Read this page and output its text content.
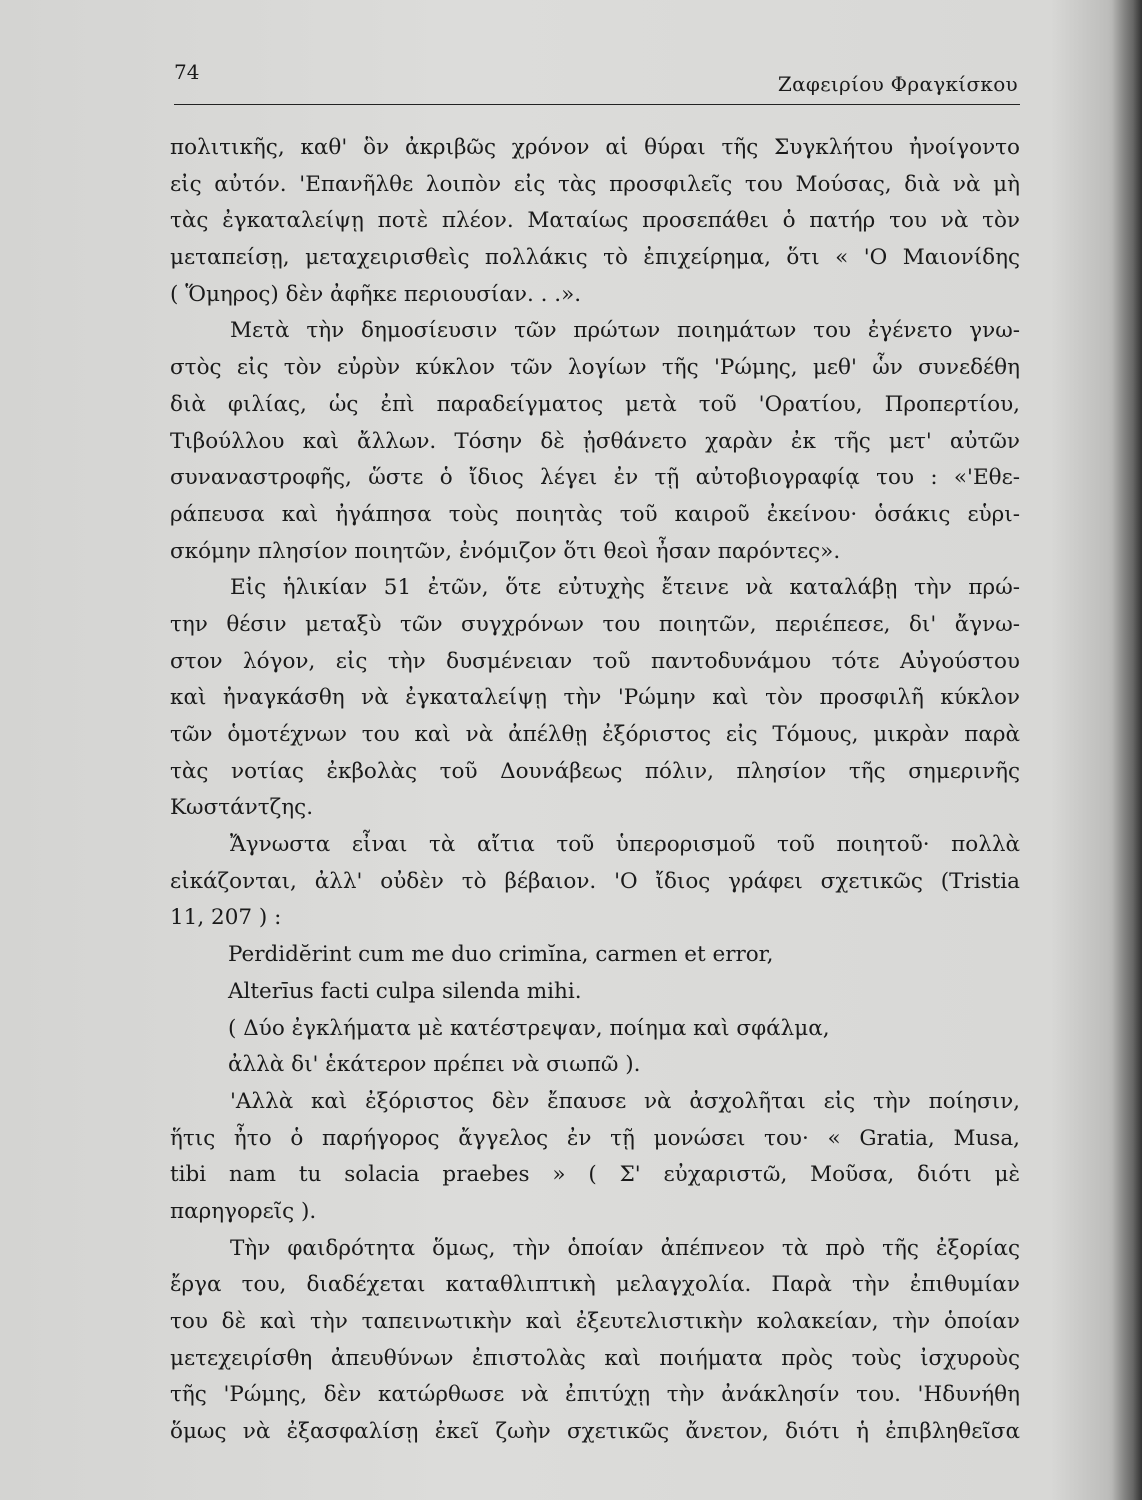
74	Ζαφειρίου Φραγκίσκου
πολιτικῆς, καθ' ὃν ἀκριβῶς χρόνον αἱ θύραι τῆς Συγκλήτου ἠνοίγοντο
εἰς αὐτόν. 'Επανῆλθε λοιπὸν εἰς τὰς προσφιλεῖς του Μούσας, διὰ νὰ μὴ
τὰς ἐγκαταλείψῃ ποτὲ πλέον. Ματαίως προσεπάθει ὁ πατήρ του νὰ τὸν
μεταπείσῃ, μεταχειρισθεὶς πολλάκις τὸ ἐπιχείρημα, ὅτι « 'Ο Μαιονίδης
( Ὅμηρος) δὲν ἀφῆκε περιουσίαν. . .».
Μετὰ τὴν δημοσίευσιν τῶν πρώτων ποιημάτων του ἐγένετο γνω-
στὸς εἰς τὸν εὐρὺν κύκλον τῶν λογίων τῆς 'Ρώμης, μεθ' ὧν συνεδέθη
διὰ φιλίας, ὡς ἐπὶ παραδείγματος μετὰ τοῦ 'Ορατίου, Προπερτίου,
Τιβούλλου καὶ ἄλλων. Τόσην δὲ ᾐσθάνετο χαρὰν ἐκ τῆς μετ' αὐτῶν
συναναστροφῆς, ὥστε ὁ ἴδιος λέγει ἐν τῇ αὐτοβιογραφίᾳ του : «'Εθε-
ράπευσα καὶ ἠγάπησα τοὺς ποιητὰς τοῦ καιροῦ ἐκείνου· ὁσάκις εὑρι-
σκόμην πλησίον ποιητῶν, ἐνόμιζον ὅτι θεοὶ ἦσαν παρόντες».
Εἰς ἡλικίαν 51 ἐτῶν, ὅτε εὐτυχὴς ἔτεινε νὰ καταλάβῃ τὴν πρώ-
την θέσιν μεταξὺ τῶν συγχρόνων του ποιητῶν, περιέπεσε, δι' ἄγνω-
στον λόγον, εἰς τὴν δυσμένειαν τοῦ παντοδυνάμου τότε Αὐγούστου
καὶ ἠναγκάσθη νὰ ἐγκαταλείψῃ τὴν 'Ρώμην καὶ τὸν προσφιλῆ κύκλον
τῶν ὁμοτέχνων του καὶ νὰ ἀπέλθῃ ἐξόριστος εἰς Τόμους, μικρὰν παρὰ
τὰς νοτίας ἐκβολὰς τοῦ Δουνάβεως πόλιν, πλησίον τῆς σημερινῆς
Κωστάντζης.
Ἄγνωστα εἶναι τὰ αἴτια τοῦ ὑπερορισμοῦ τοῦ ποιητοῦ· πολλὰ
εἰκάζονται, ἀλλ' οὐδὲν τὸ βέβαιον. 'Ο ἴδιος γράφει σχετικῶς (Tristia
11, 207 ) :
Perdidĕrint cum me duo crimĭna, carmen et error,
Alterīus facti culpa silenda mihi.
( Δύο ἐγκλήματα μὲ κατέστρεψαν, ποίημα καὶ σφάλμα,
ἀλλὰ δι' ἑκάτερον πρέπει νὰ σιωπῶ ).
'Αλλὰ καὶ ἐξόριστος δὲν ἔπαυσε νὰ ἀσχολῆται εἰς τὴν ποίησιν,
ἥτις ἦτο ὁ παρήγορος ἄγγελος ἐν τῇ μονώσει του· « Gratia, Musa,
tibi nam tu solacia praebes » ( Σ' εὐχαριστῶ, Μοῦσα, διότι μὲ
παρηγορεῖς ).
Τὴν φαιδρότητα ὅμως, τὴν ὁποίαν ἀπέπνεον τὰ πρὸ τῆς ἐξορίας
ἔργα του, διαδέχεται καταθλιπτικὴ μελαγχολία. Παρὰ τὴν ἐπιθυμίαν
του δὲ καὶ τὴν ταπεινωτικὴν καὶ ἐξευτελιστικὴν κολακείαν, τὴν ὁποίαν
μετεχειρίσθη ἀπευθύνων ἐπιστολὰς καὶ ποιήματα πρὸς τοὺς ἰσχυροὺς
τῆς 'Ρώμης, δὲν κατώρθωσε νὰ ἐπιτύχῃ τὴν ἀνάκλησίν του. 'Ηδυνήθη
ὅμως νὰ ἐξασφαλίσῃ ἐκεῖ ζωὴν σχετικῶς ἄνετον, διότι ἡ ἐπιβληθεῖσα
